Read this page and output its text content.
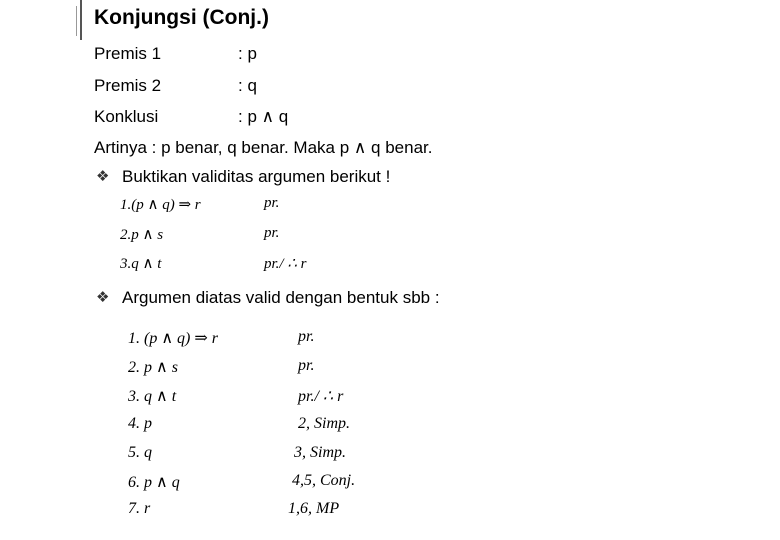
Konjungsi (Conj.)
Premis 1	: p
Premis 2	: q
Konklusi	: p ∧ q
Artinya : p benar, q benar. Maka p ∧ q benar.
❖ Buktikan validitas argumen berikut !
1.(p ∧ q) ⇒ r	pr.
2.p ∧ s	pr.
3.q ∧ t	pr./ ∴ r
❖ Argumen diatas valid dengan bentuk sbb :
1. (p ∧ q) ⇒ r	pr.
2. p ∧ s	pr.
3. q ∧ t	pr./ ∴ r
4. p	2, Simp.
5. q	3, Simp.
6. p ∧ q	4,5, Conj.
7. r	1,6, MP
